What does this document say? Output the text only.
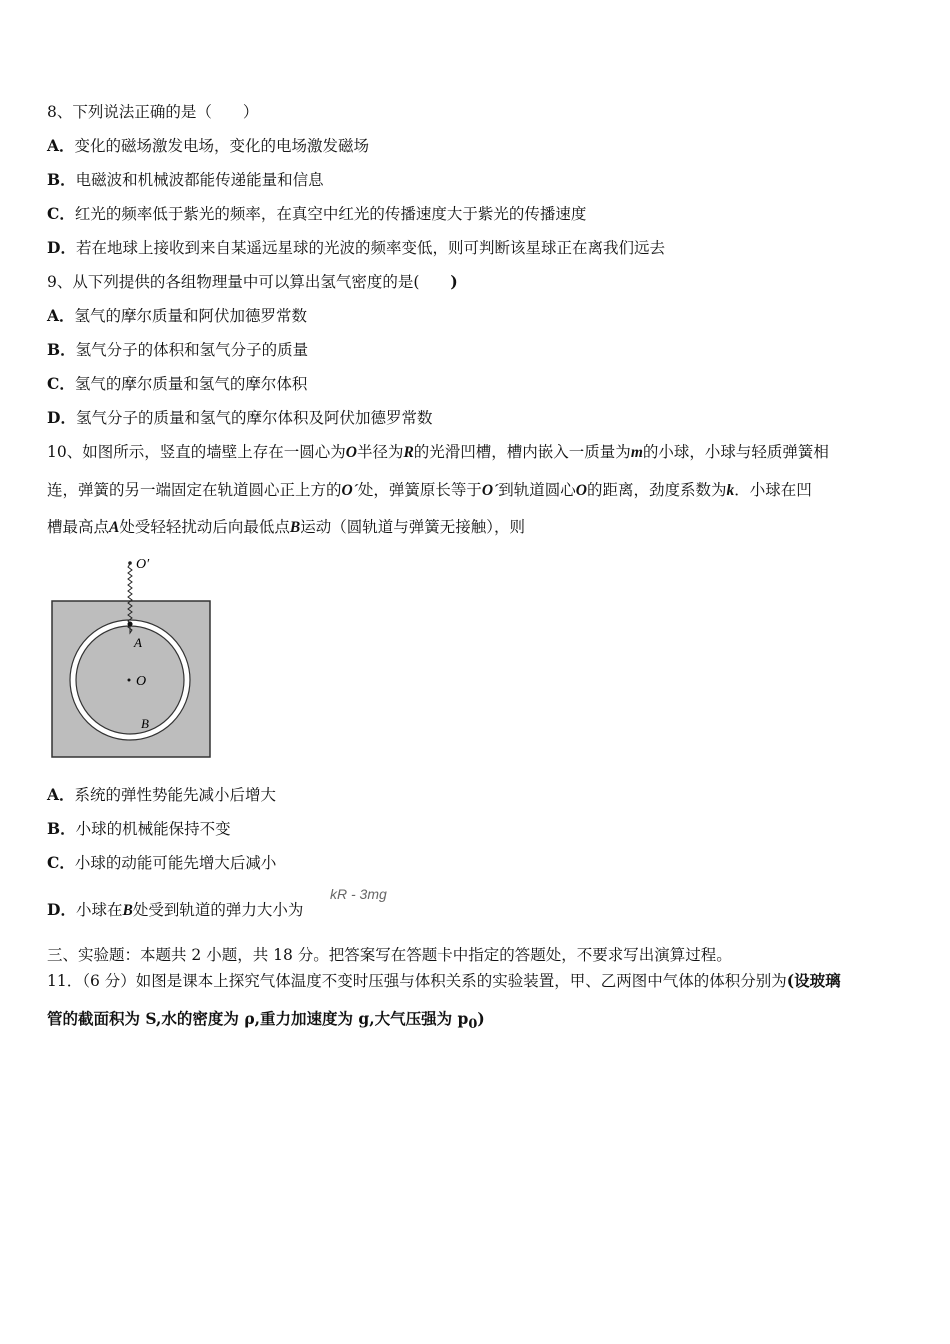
8、下列说法正确的是（　　）
A．变化的磁场激发电场，变化的电场激发磁场
B．电磁波和机械波都能传递能量和信息
C．红光的频率低于紫光的频率，在真空中红光的传播速度大于紫光的传播速度
D．若在地球上接收到来自某遥远星球的光波的频率变低，则可判断该星球正在离我们远去
9、从下列提供的各组物理量中可以算出氢气密度的是(　　)
A．氢气的摩尔质量和阿伏加德罗常数
B．氢气分子的体积和氢气分子的质量
C．氢气的摩尔质量和氢气的摩尔体积
D．氢气分子的质量和氢气的摩尔体积及阿伏加德罗常数
10、如图所示，竖直的墙壁上存在一圆心为O半径为R的光滑凹槽，槽内嵌入一质量为m的小球，小球与轻质弹簧相
连，弹簧的另一端固定在轨道圆心正上方的O´处，弹簧原长等于O´到轨道圆心O的距离，劲度系数为k．小球在凹
槽最高点A处受轻轻扰动后向最低点B运动（圆轨道与弹簧无接触），则
A．系统的弹性势能先减小后增大
B．小球的机械能保持不变
C．小球的动能可能先增大后减小
D．小球在B处受到轨道的弹力大小为
三、实验题：本题共 2 小题，共 18 分。把答案写在答题卡中指定的答题处，不要求写出演算过程。
11．（6 分）如图是课本上探究气体温度不变时压强与体积关系的实验装置，甲、乙两图中气体的体积分别为(设玻璃
管的截面积为 S,水的密度为 ρ,重力加速度为 g,大气压强为 $p_0$)
kR - 3mg
O′
A
O
B
